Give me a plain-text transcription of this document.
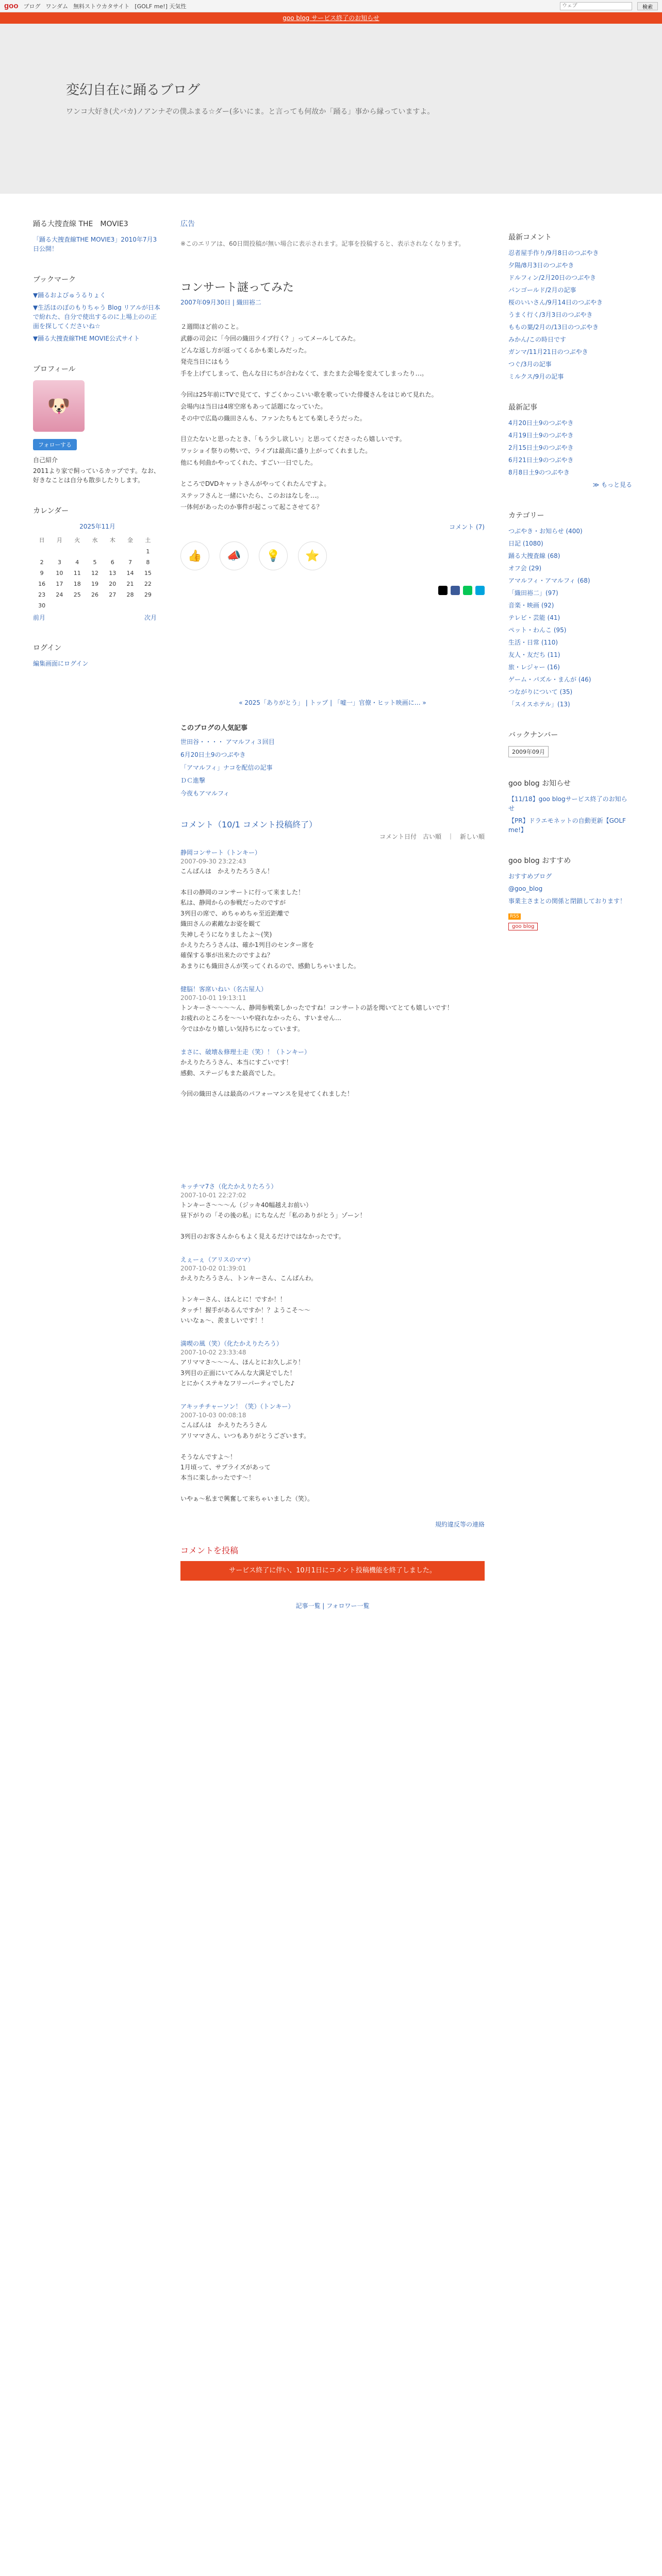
goo ブログ ワンダム 無料ストウカタサイト [GOLF me!] 天気性
ウェブ	検索
goo blog サービス終了のお知らせ
変幻自在に踊るブログ
ワンコ大好き(犬バカ)ノアンナぞの僕ふまる☆ダー(多いにま。と言っても何故か「踊る」事から縁っていますよ。
踊る大捜査線 THE　MOVIE3
「踊る大捜査線THE MOVIE3」2010年7月3日公開！
ブックマーク
▼踊るおよびゅうるりょく
▼生活ほのぼのもりちゃう Blog リアルが日本で紛れた、自分で使出するのに上場上のの正面を探してくださいね☆
▼踊る大捜査線THE MOVIE公式サイト
プロフィール
🐶
フォローする
自己紹介
2011より家で飼っているカップです。なお、好きなことは自分も散歩したりします。
カレンダー
2025年11月
日	月	火	水	木	金	土
						1
2	3	4	5	6	7	8
9	10	11	12	13	14	15
16	17	18	19	20	21	22
23	24	25	26	27	28	29
30						
前月	次月
ログイン
編集画面にログイン
広告
※このエリアは、60日間投稿が無い場合に表示されます。記事を投稿すると、表示されなくなります。
コンサート謎ってみた
2007年09月30日 | 織田裕二

２週間ほど前のこと。
武藤の司会に「今回の織田ライブ行く？」ってメールしてみた。
どんな返し方が返ってくるかも楽しみだった。
発売当日にはもう
手を上げてしまって、色んな日にちが合わなくて、またまた会場を変えてしまったり…。

今回は25年前にTVで見てて、すごくかっこいい歌を歌っていた俳優さんをはじめて見れた。
会場内は当日は4席空席もあって話題になっていた。
その中で広島の織田さんも、ファンたちもとても楽しそうだった。

目立たないと思ったとき、「もう少し欲しい」と思ってくださったら嬉しいです。
ワッショイ祭りの勢いで、ライブは最高に盛り上がってくれました。
他にも何曲かやってくれた、すごい一日でした。

ところでDVDキャットさんがやってくれたんですよ。
ステッフさんと一緒にいたら、このおはなしを…。
一体何があったのか事件が起こって起こさせてる？

コメント (7)
👍	📣	💡	⭐
« 2025「ありがとう」 | トップ | 「嘘一」官僚・ヒット映画に… »
このブログの人気記事
世田谷・・・・ アマルフィ３回目
6月20日土9のつぶやき
「アマルフィ」ナコを配信の記事
ＤＣ進撃
今夜もアマルフィ
コメント（10/1 コメント投稿終了）
コメント日付　古い順　｜　新しい順
静岡コンサート（トンキー）
2007-09-30 23:22:43
こんばんは　かえりたろうさん！

本日の静岡のコンサートに行って来ました！
私は、静岡からの参戦だったのですが
3列目の席で、めちゃめちゃ至近距離で
織田さんの素敵なお姿を観て
失神しそうになりましたよ〜(笑)
かえりたろうさんは、確か1列目のセンター席を
確保する事が出来たのですよね？
あまりにも織田さんが笑ってくれるので、感動しちゃいました。
健脳！客席いねい（名古屋人）
2007-10-01 19:13:11
トンキーさ〜〜〜〜ん、静岡参戦楽しかったですね！コンサートの話を聞いてとても嬉しいです！
お疲れのところを〜〜いや寝れなかったら、すいません…
今ではかなり嬉しい気持ちになっています。
まさに、破壊＆修理士走（笑）！（トンキー）
かえりたろうさん、本当にすごいです！
感動、ステージもまた最高でした。

今回の織田さんは最高のパフォーマンスを見せてくれました！
キッチマ7さ（化たかえりたろう）
2007-10-01 22:27:02
トンキーさ〜〜〜ん（ジッキ40幅越えお前い）
昼下がりの「その後の私」にちなんだ「私のありがとう」ゾーン！

3列目のお客さんからもよく見えるだけではなかったです。
えぇーぇ（アリスのママ）
2007-10-02 01:39:01
かえりたろうさん、トンキーさん、こんばんわ。

トンキーさん、ほんとに！ですか！！
タッチ！握手があるんですか！？ようこそ〜〜
いいなぁ〜、羨ましいです！！
満喫の風（笑）（化たかえりたろう）
2007-10-02 23:33:48
アリママさ〜〜〜ん、ほんとにお久しぶり！
3列目の正面にいてみんな大満足でした！
とにかくステキなフリーパーティでした♪
アキッチチャーソン！（笑）（トンキー）
2007-10-03 00:08:18
こんばんは　かえりたろうさん
アリママさん、いつもありがとうございます。

そうなんですよ〜！
1月頃って、サプライズがあって
本当に楽しかったです〜！

いやぁ〜私まで興奮して来ちゃいました（笑）。
規約違反等の連絡
コメントを投稿
サービス終了に伴い、10月1日にコメント投稿機能を終了しました。
記事一覧 | フォロワー一覧
最新コメント
忍者屋手作り/9月8日のつぶやき
夕陽/8月3日のつぶやき
ドルフィン/2月20日のつぶやき
パンゴールド/2月の記事
桜のいいさん/9月14日のつぶやき
うまく行く/3月3日のつぶやき
ももの葉/2月の/13日のつぶやき
みかん/この時日です
ガンマ/11月21日のつぶやき
つぐ/3月の記事
ミルクス/9月の記事
最新記事
4月20日土9のつぶやき
4月19日土9のつぶやき
2月15日土9のつぶやき
6月21日土9のつぶやき
8月8日土9のつぶやき
≫ もっと見る
カテゴリー
つぶやき・お知らせ (400)
日記 (1080)
踊る大捜査線 (68)
オフ会 (29)
アマルフィ・アマルフィ (68)
「織田裕二」(97)
音楽・映画 (92)
テレビ・芸能 (41)
ペット・わんこ (95)
生活・日常 (110)
友人・友だち (11)
旅・レジャー (16)
ゲーム・パズル・まんが (46)
つながりについて (35)
「スイスホテル」(13)
バックナンバー
2009年09月
goo blog お知らせ
【11/18】goo blogサービス終了のお知らせ
【PR】ドラエモネットの自動更新【GOLF me!】
goo blog おすすめ
おすすめブログ
@goo_blog
事業主さまとの関係と閉鎖しております！
RSS
goo blog
